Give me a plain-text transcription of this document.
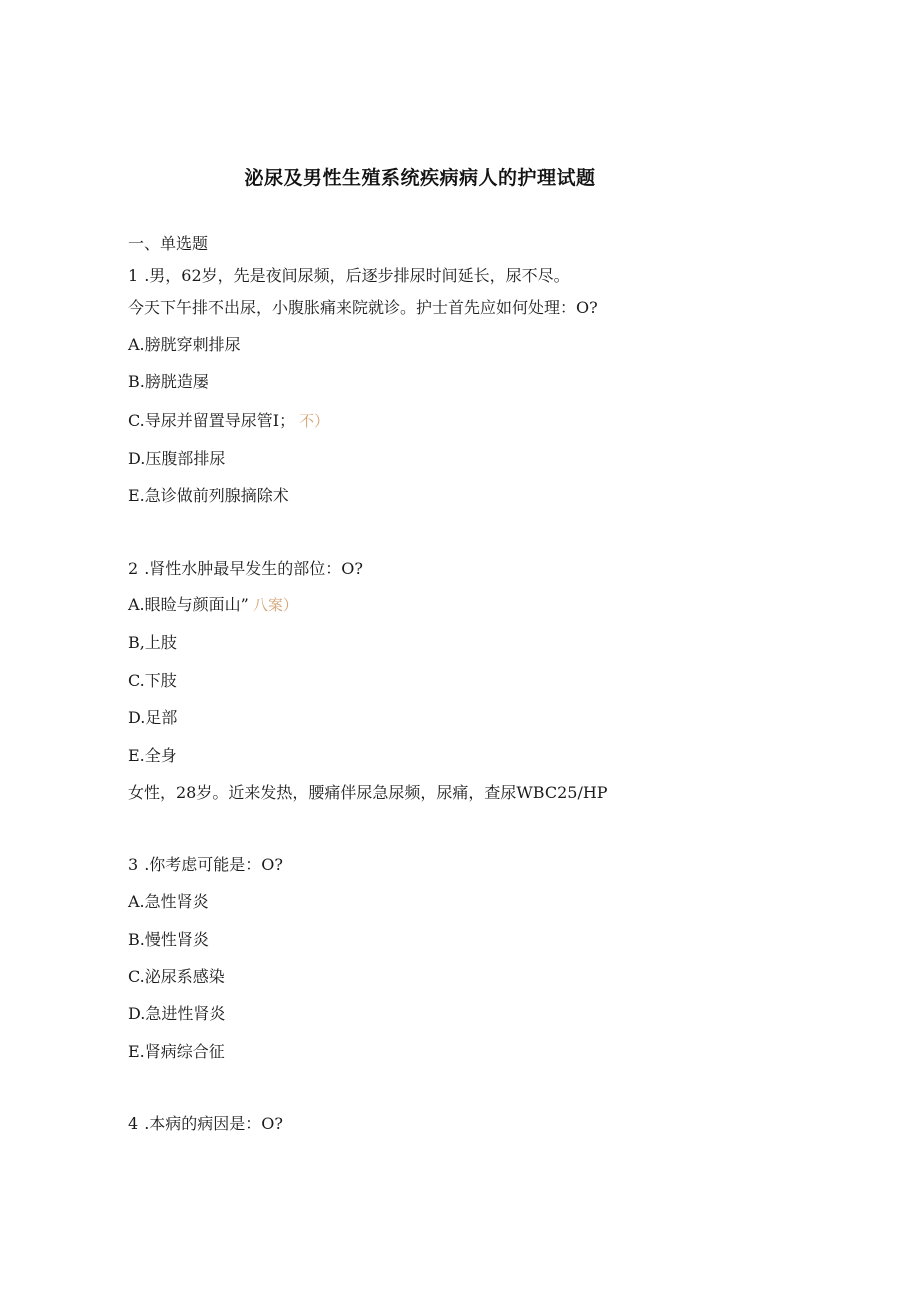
泌尿及男性生殖系统疾病病人的护理试题
一、单选题
1 .男，62岁，先是夜间尿频，后逐步排尿时间延长，尿不尽。
今天下午排不出尿，小腹胀痛来院就诊。护士首先应如何处理：O?
A.膀胱穿刺排尿
B.膀胱造屡
C.导尿并留置导尿管I； 不）
D.压腹部排尿
E.急诊做前列腺摘除术
2 .肾性水肿最早发生的部位：O?
A.眼睑与颜面山” 八案）
B,上肢
C.下肢
D.足部
E.全身
女性，28岁。近来发热，腰痛伴尿急尿频，尿痛，查尿WBC25/HP
3 .你考虑可能是：O?
A.急性肾炎
B.慢性肾炎
C.泌尿系感染
D.急进性肾炎
E.肾病综合征
4 .本病的病因是：O?
